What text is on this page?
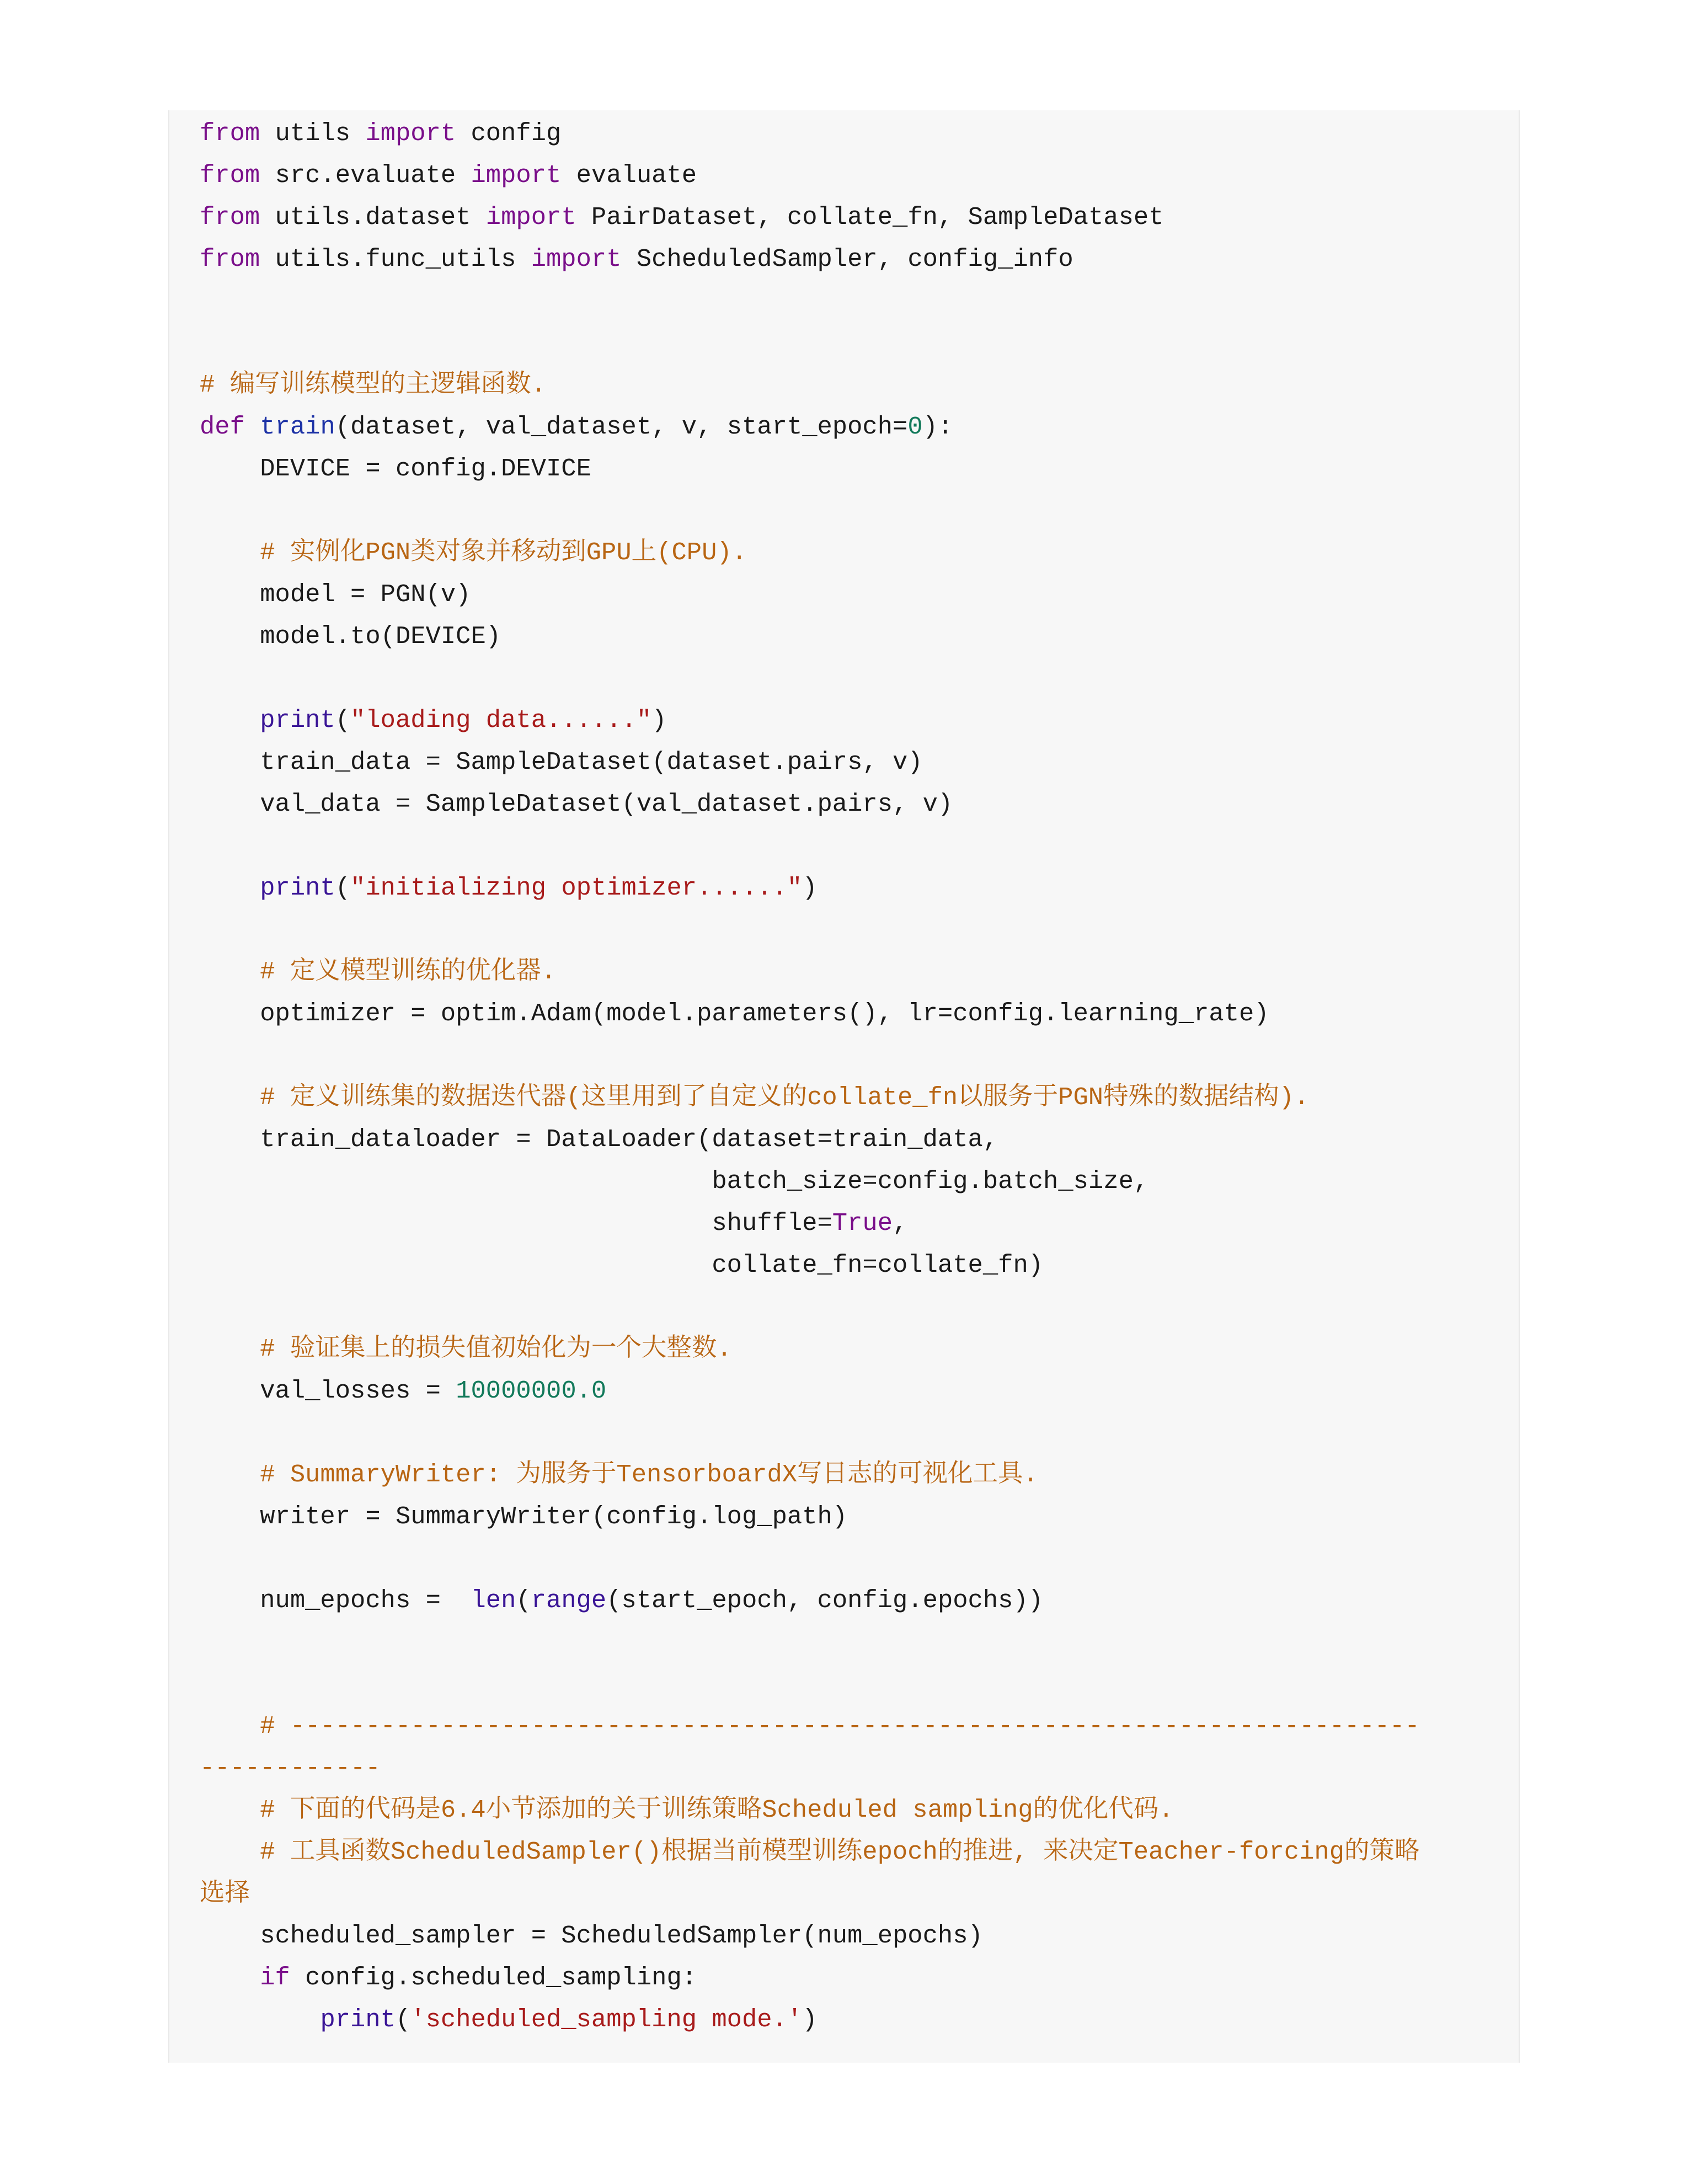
from utils import config
from src.evaluate import evaluate
from utils.dataset import PairDataset, collate_fn, SampleDataset
from utils.func_utils import ScheduledSampler, config_info

# 编写训练模型的主逻辑函数.
def train(dataset, val_dataset, v, start_epoch=0):
DEVICE = config.DEVICE

# 实例化PGN类对象并移动到GPU上(CPU).
model = PGN(v)
model.to(DEVICE)

print("loading data......")
train_data = SampleDataset(dataset.pairs, v)
val_data = SampleDataset(val_dataset.pairs, v)

print("initializing optimizer......")

# 定义模型训练的优化器.
optimizer = optim.Adam(model.parameters(), lr=config.learning_rate)

# 定义训练集的数据迭代器(这里用到了自定义的collate_fn以服务于PGN特殊的数据结构).
train_dataloader = DataLoader(dataset=train_data,
batch_size=config.batch_size,
shuffle=True,
collate_fn=collate_fn)

# 验证集上的损失值初始化为一个大整数.
val_losses = 10000000.0

# SummaryWriter: 为服务于TensorboardX写日志的可视化工具.
writer = SummaryWriter(config.log_path)

num_epochs =  len(range(start_epoch, config.epochs))

# ---------------------------------------------------------------------------
------------
# 下面的代码是6.4小节添加的关于训练策略Scheduled sampling的优化代码.
# 工具函数ScheduledSampler()根据当前模型训练epoch的推进, 来决定Teacher-forcing的策略
选择
scheduled_sampler = ScheduledSampler(num_epochs)
if config.scheduled_sampling:
print('scheduled_sampling mode.')
